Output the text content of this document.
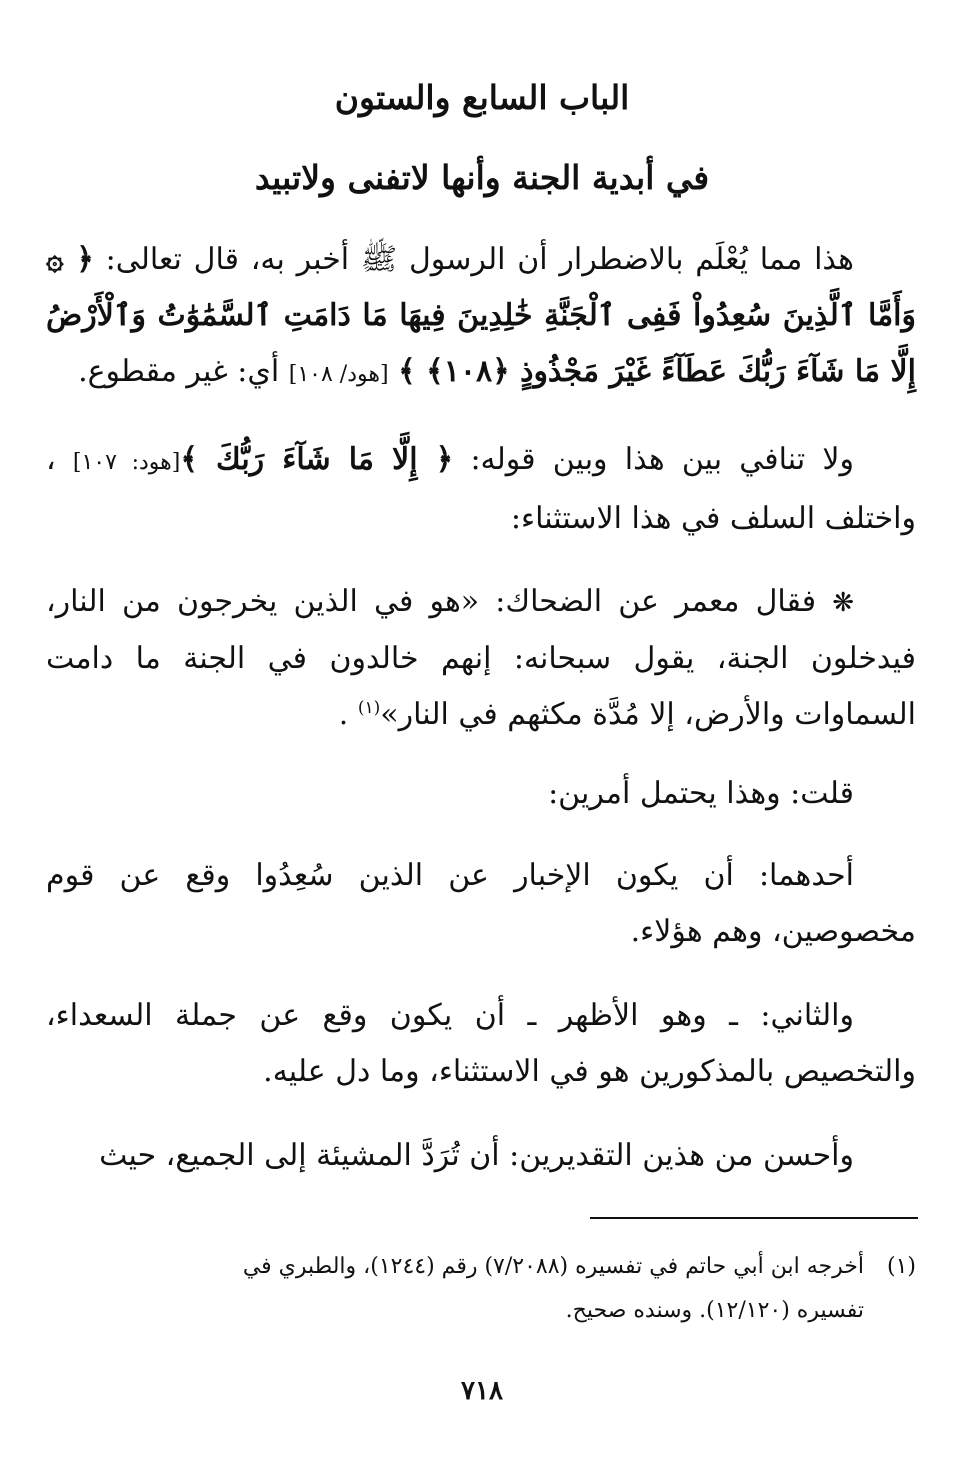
الباب السابع والستون
في أبدية الجنة وأنها لاتفنى ولاتبيد
هذا مما يُعْلَم بالاضطرار أن الرسول ﷺ أخبر به، قال تعالى: ﴿ ۞ وَأَمَّا ٱلَّذِينَ سُعِدُواْ فَفِى ٱلْجَنَّةِ خَٰلِدِينَ فِيهَا مَا دَامَتِ ٱلسَّمَٰوَٰتُ وَٱلْأَرْضُ إِلَّا مَا شَآءَ رَبُّكَ عَطَآءً غَيْرَ مَجْذُوذٍ ﴿١٠٨﴾ ﴾ [هود/ ١٠٨] أي: غير مقطوع.
ولا تنافي بين هذا وبين قوله: ﴿ إِلَّا مَا شَآءَ رَبُّكَ ﴾[هود: ١٠٧] ، واختلف السلف في هذا الاستثناء:
❋ فقال معمر عن الضحاك: «هو في الذين يخرجون من النار، فيدخلون الجنة، يقول سبحانه: إنهم خالدون في الجنة ما دامت السماوات والأرض، إلا مُدَّة مكثهم في النار»$^{(١)}$ .
قلت: وهذا يحتمل أمرين:
أحدهما: أن يكون الإخبار عن الذين سُعِدُوا وقع عن قوم مخصوصين، وهم هؤلاء.
والثاني: ـ وهو الأظهر ـ أن يكون وقع عن جملة السعداء، والتخصيص بالمذكورين هو في الاستثناء، وما دل عليه.
وأحسن من هذين التقديرين: أن تُرَدَّ المشيئة إلى الجميع، حيث
(١)أخرجه ابن أبي حاتم في تفسيره (٧/٢٠٨٨) رقم (١٢٤٤)، والطبري في
تفسيره (١٢/١٢٠). وسنده صحيح.
٧١٨
